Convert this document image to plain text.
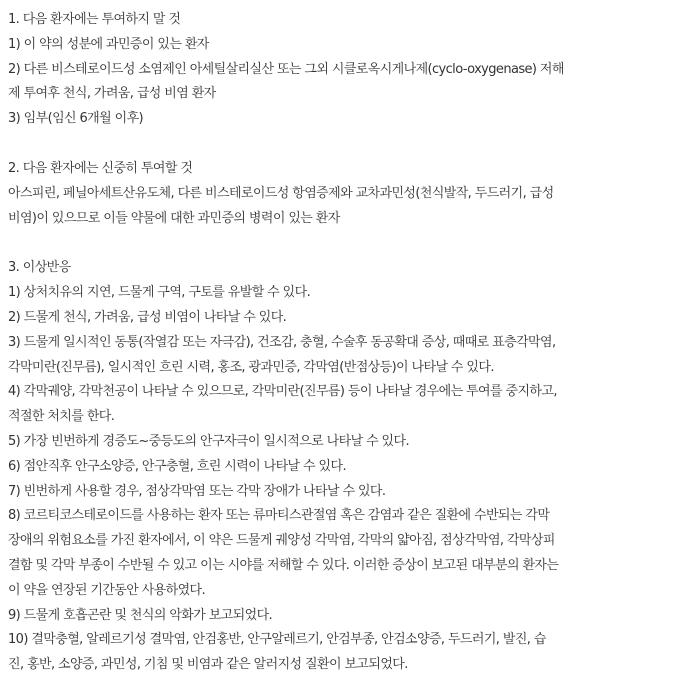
1. 다음 환자에는 투여하지 말 것
1) 이 약의 성분에 과민증이 있는 환자
2) 다른 비스테로이드성 소염제인 아세틸살리실산 또는 그외 시클로옥시게나제(cyclo-oxygenase) 저해
제 투여후 천식, 가려움, 급성 비염 환자
3) 임부(임신 6개월 이후)
2. 다음 환자에는 신중히 투여할 것
아스피린, 페닐아세트산유도체, 다른 비스테로이드성 항염증제와 교차과민성(천식발작, 두드러기, 급성
비염)이 있으므로 이들 약물에 대한 과민증의 병력이 있는 환자
3. 이상반응
1) 상처치유의 지연, 드물게 구역, 구토를 유발할 수 있다.
2) 드물게 천식, 가려움, 급성 비염이 나타날 수 있다.
3) 드물게 일시적인 동통(작열감 또는 자극감), 건조감, 충혈, 수술후 동공확대 증상, 때때로 표층각막염,
각막미란(진무름), 일시적인 흐린 시력, 홍조, 광과민증, 각막염(반점상등)이 나타날 수 있다.
4) 각막궤양, 각막천공이 나타날 수 있으므로, 각막미란(진무름) 등이 나타날 경우에는 투여를 중지하고,
적절한 처치를 한다.
5) 가장 빈번하게 경증도~중등도의 안구자극이 일시적으로 나타날 수 있다.
6) 점안직후 안구소양증, 안구충혈, 흐린 시력이 나타날 수 있다.
7) 빈번하게 사용할 경우, 점상각막염 또는 각막 장애가 나타날 수 있다.
8) 코르티코스테로이드를 사용하는 환자 또는 류마티스관절염 혹은 감염과 같은 질환에 수반되는 각막
장애의 위험요소를 가진 환자에서, 이 약은 드물게 궤양성 각막염, 각막의 얇아짐, 점상각막염, 각막상피
결함 및 각막 부종이 수반될 수 있고 이는 시야를 저해할 수 있다. 이러한 증상이 보고된 대부분의 환자는
이 약을 연장된 기간동안 사용하였다.
9) 드물게 호흡곤란 및 천식의 악화가 보고되었다.
10) 결막충혈, 알레르기성 결막염, 안검홍반, 안구알레르기, 안검부종, 안검소양증, 두드러기, 발진, 습
진, 홍반, 소양증, 과민성, 기침 및 비염과 같은 알러지성 질환이 보고되었다.
